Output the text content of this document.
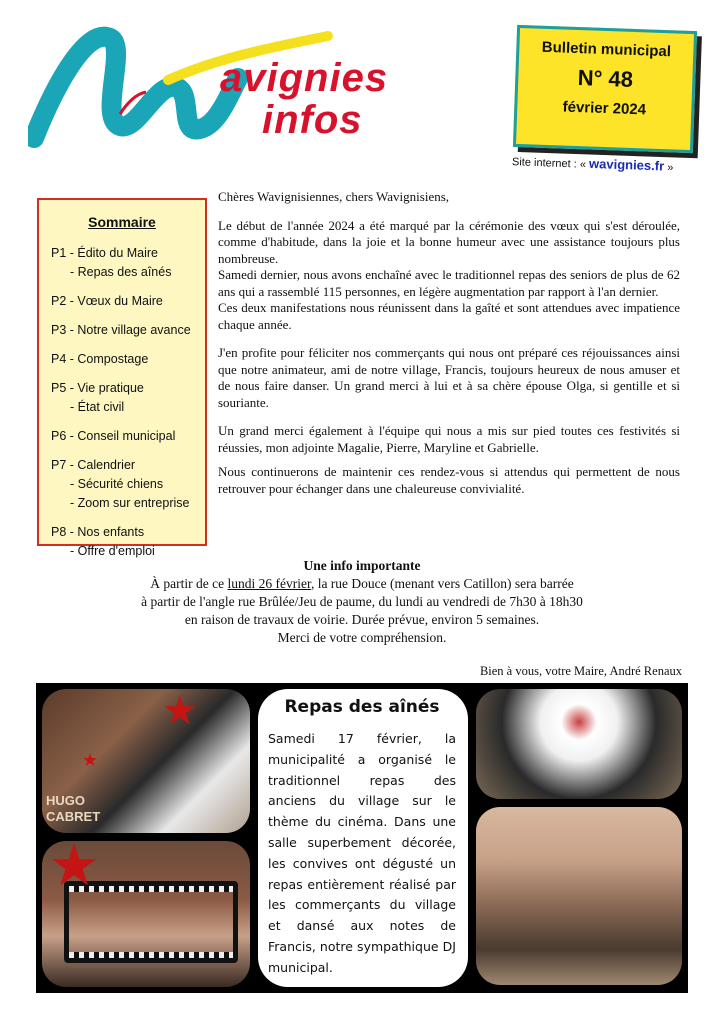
avignies
infos
Bulletin municipal
N° 48
février 2024
Site internet : « wavignies.fr »
Sommaire
P1 - Édito du Maire
- Repas des aînés
P2 - Vœux du Maire
P3 - Notre village avance
P4 - Compostage
P5 - Vie pratique
- État civil
P6 - Conseil municipal
P7 - Calendrier
- Sécurité chiens
- Zoom sur entreprise
P8 - Nos enfants
- Offre d'emploi

Chères Wavignisiennes, chers Wavignisiens,

Le début de l'année 2024 a été marqué par la cérémonie des vœux qui s'est déroulée, comme d'habitude, dans la joie et la bonne humeur avec une assistance toujours plus nombreuse.

Samedi dernier, nous avons enchaîné avec le traditionnel repas des seniors de plus de 62 ans qui a rassemblé 115 personnes, en légère augmentation par rapport à l'an dernier.

Ces deux manifestations nous réunissent dans la gaîté et sont attendues avec impatience chaque année.

J'en profite pour féliciter nos commerçants qui nous ont préparé ces réjouissances ainsi que notre animateur, ami de notre village, Francis, toujours heureux de nous amuser et de nous faire danser. Un grand merci à lui et à sa chère épouse Olga, si gentille et si souriante.

Un grand merci également à l'équipe qui nous a mis sur pied toutes ces festivités si réussies, mon adjointe Magalie, Pierre, Maryline et Gabrielle.

Nous continuerons de maintenir ces rendez-vous si attendus qui permettent de nous retrouver pour échanger dans une chaleureuse convivialité.

Une info importante
À partir de ce lundi 26 février, la rue Douce (menant vers Catillon) sera barrée
à partir de l'angle rue Brûlée/Jeu de paume, du lundi au vendredi de 7h30 à 18h30
en raison de travaux de voirie. Durée prévue, environ 5 semaines.
Merci de votre compréhension.
Bien à vous, votre Maire, André Renaux
★
★
HUGO
CABRET
★
Repas des aînés
Samedi 17 février, la municipalité a organisé le traditionnel repas des anciens du village sur le thème du cinéma. Dans une salle superbement décorée, les convives ont dégusté un repas entièrement réalisé par les commerçants du village et dansé aux notes de Francis, notre sympathique DJ municipal.
